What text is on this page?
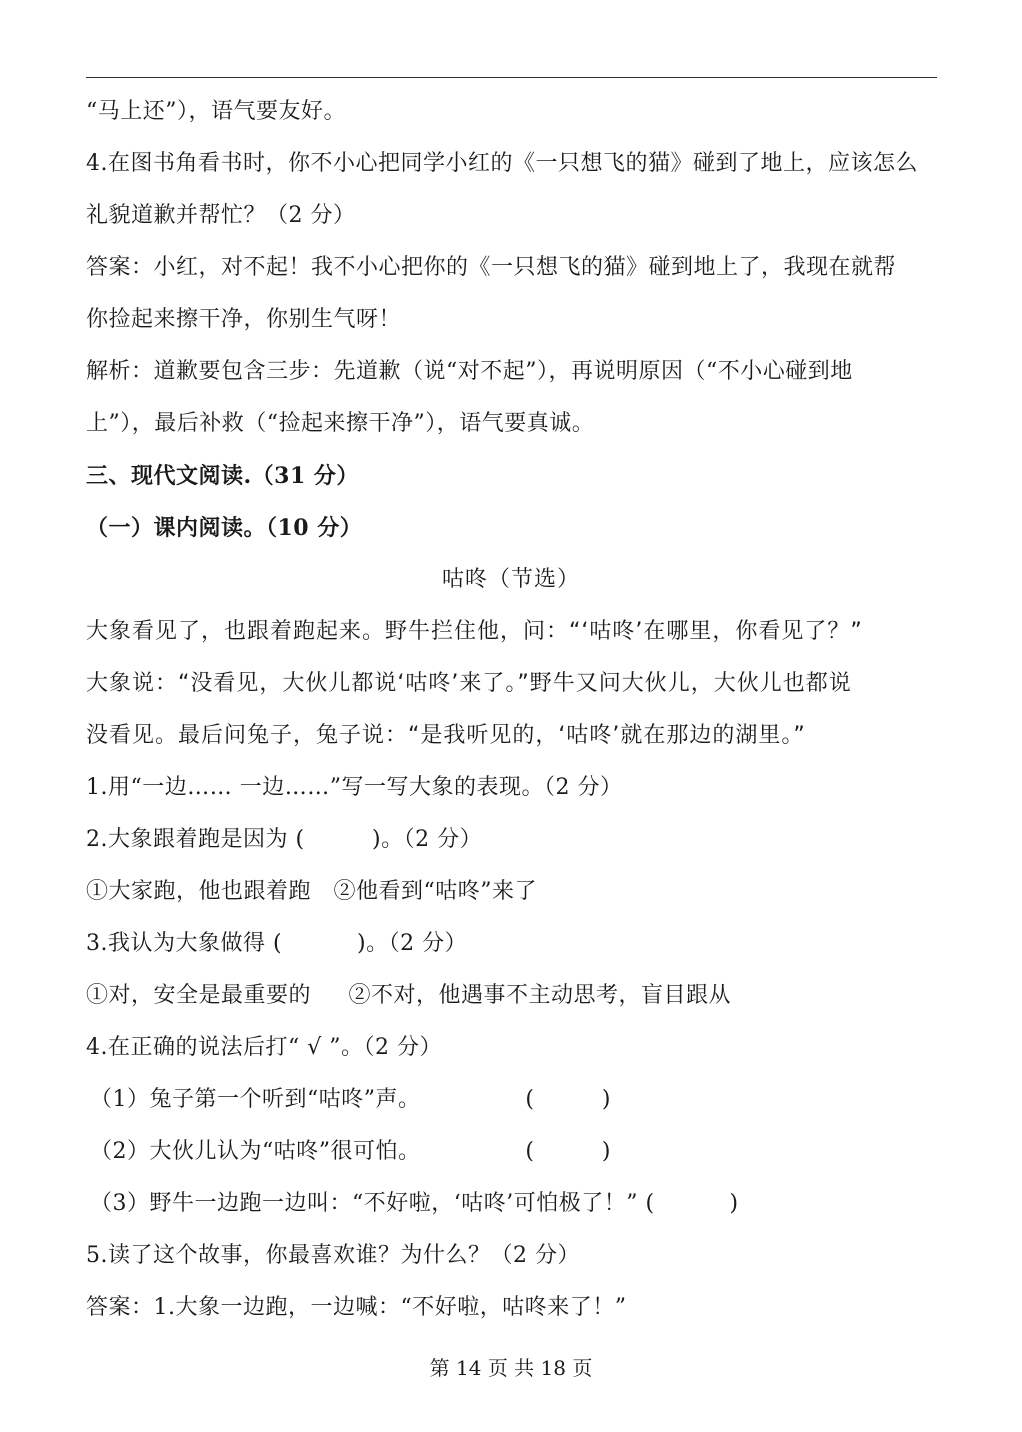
“马上还”），语气要友好。
4.在图书角看书时，你不小心把同学小红的《一只想飞的猫》碰到了地上，应该怎么
礼貌道歉并帮忙？（2 分）
答案：小红，对不起！我不小心把你的《一只想飞的猫》碰到地上了，我现在就帮
你捡起来擦干净，你别生气呀！
解析：道歉要包含三步：先道歉（说“对不起”），再说明原因（“不小心碰到地
上”），最后补救（“捡起来擦干净”），语气要真诚。
三、现代文阅读.（31 分）
（一）课内阅读。（10 分）
咕咚（节选）
大象看见了，也跟着跑起来。野牛拦住他，问：“‘咕咚’在哪里，你看见了？”
大象说：“没看见，大伙儿都说‘咕咚’来了。”野牛又问大伙儿，大伙儿也都说
没看见。最后问兔子，兔子说：“是我听见的，‘咕咚’就在那边的湖里。”
1.用“一边…… 一边……”写一写大象的表现。（2 分）
2.大象跟着跑是因为 (         )。（2 分）
①大家跑，他也跟着跑   ②他看到“咕咚”来了
3.我认为大象做得 (          )。（2 分）
①对，安全是最重要的     ②不对，他遇事不主动思考，盲目跟从
4.在正确的说法后打“ √ ”。（2 分）
（1）兔子第一个听到“咕咚”声。              (         )
（2）大伙儿认为“咕咚”很可怕。              (         )
（3）野牛一边跑一边叫：“不好啦，‘咕咚’可怕极了！” (          )
5.读了这个故事，你最喜欢谁？为什么？（2 分）
答案：1.大象一边跑，一边喊：“不好啦，咕咚来了！”
第 14 页 共 18 页
